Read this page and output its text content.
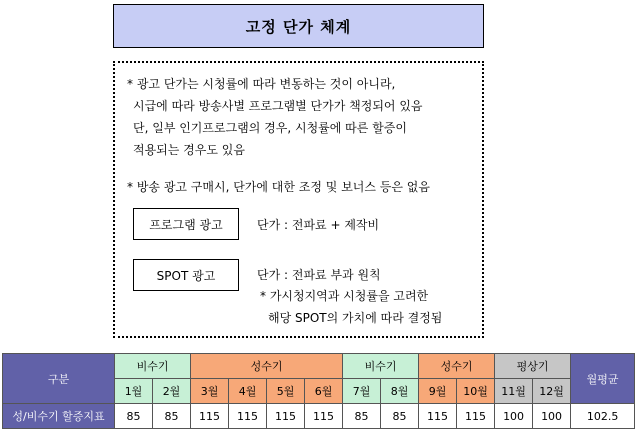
고정 단가 체계
* 광고 단가는 시청률에 따라 변동하는 것이 아니라,
시급에 따라 방송사별 프로그램별 단가가 책정되어 있음
단, 일부 인기프로그램의 경우, 시청률에 따른 할증이
적용되는 경우도 있음
* 방송 광고 구매시, 단가에 대한 조정 및 보너스 등은 없음
프로그램 광고	단가 : 전파료 + 제작비
SPOT 광고	단가 : 전파료 부과 원칙
* 가시청지역과 시청률을 고려한
해당 SPOT의 가치에 따라 결정됨
구분	비수기		성수기				비수기		성수기		평상기		월평균
	1월	2월	3월	4월	5월	6월	7월	8월	9월	10월	11월	12월	
성/비수기 할증지표	85	85	115	115	115	115	85	85	115	115	100	100	102.5
